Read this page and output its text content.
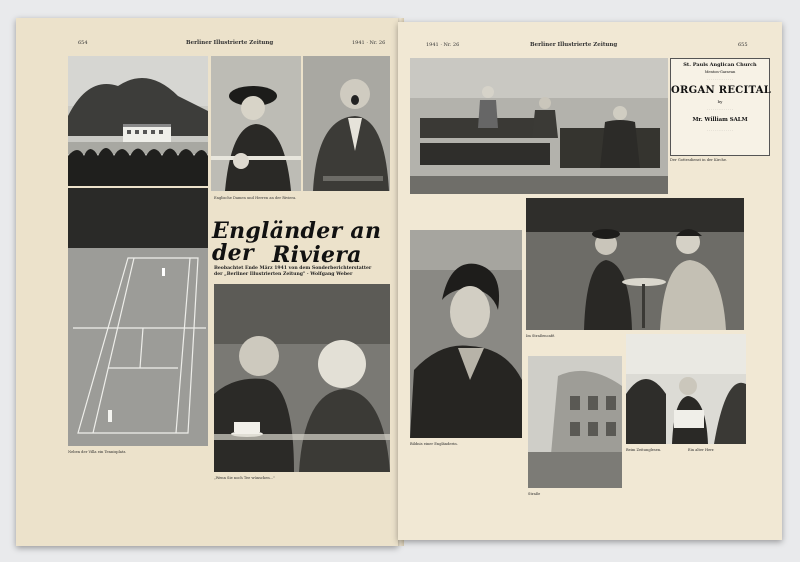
654	Berliner Illustrierte Zeitung	1941 · Nr. 26
Englische Damen und Herren an der Riviera.
Engländer an der Riviera
Beobachtet Ende März 1941 von dem Sonderberichterstatter
der „Berliner Illustrierten Zeitung" · Wolfgang Weber
Neben der Villa ein Tennisplatz.
„Wenn Sie noch Tee wünschen..."
1941 · Nr. 26	Berliner Illustrierte Zeitung	655
St. Pauls Anglican Church
Menton-Garavan
· · · · · · · · · · · · · ·
ORGAN RECITAL
by
· · · · · · · · · · · · · ·
Mr. William SALM
· · · · · · · · · · · · · ·
Der Gottesdienst in der Kirche.
Im Straßencafé.
Straße
Beim Zeitunglesen.	Ein alter Herr.
Bildnis einer Engländerin.
